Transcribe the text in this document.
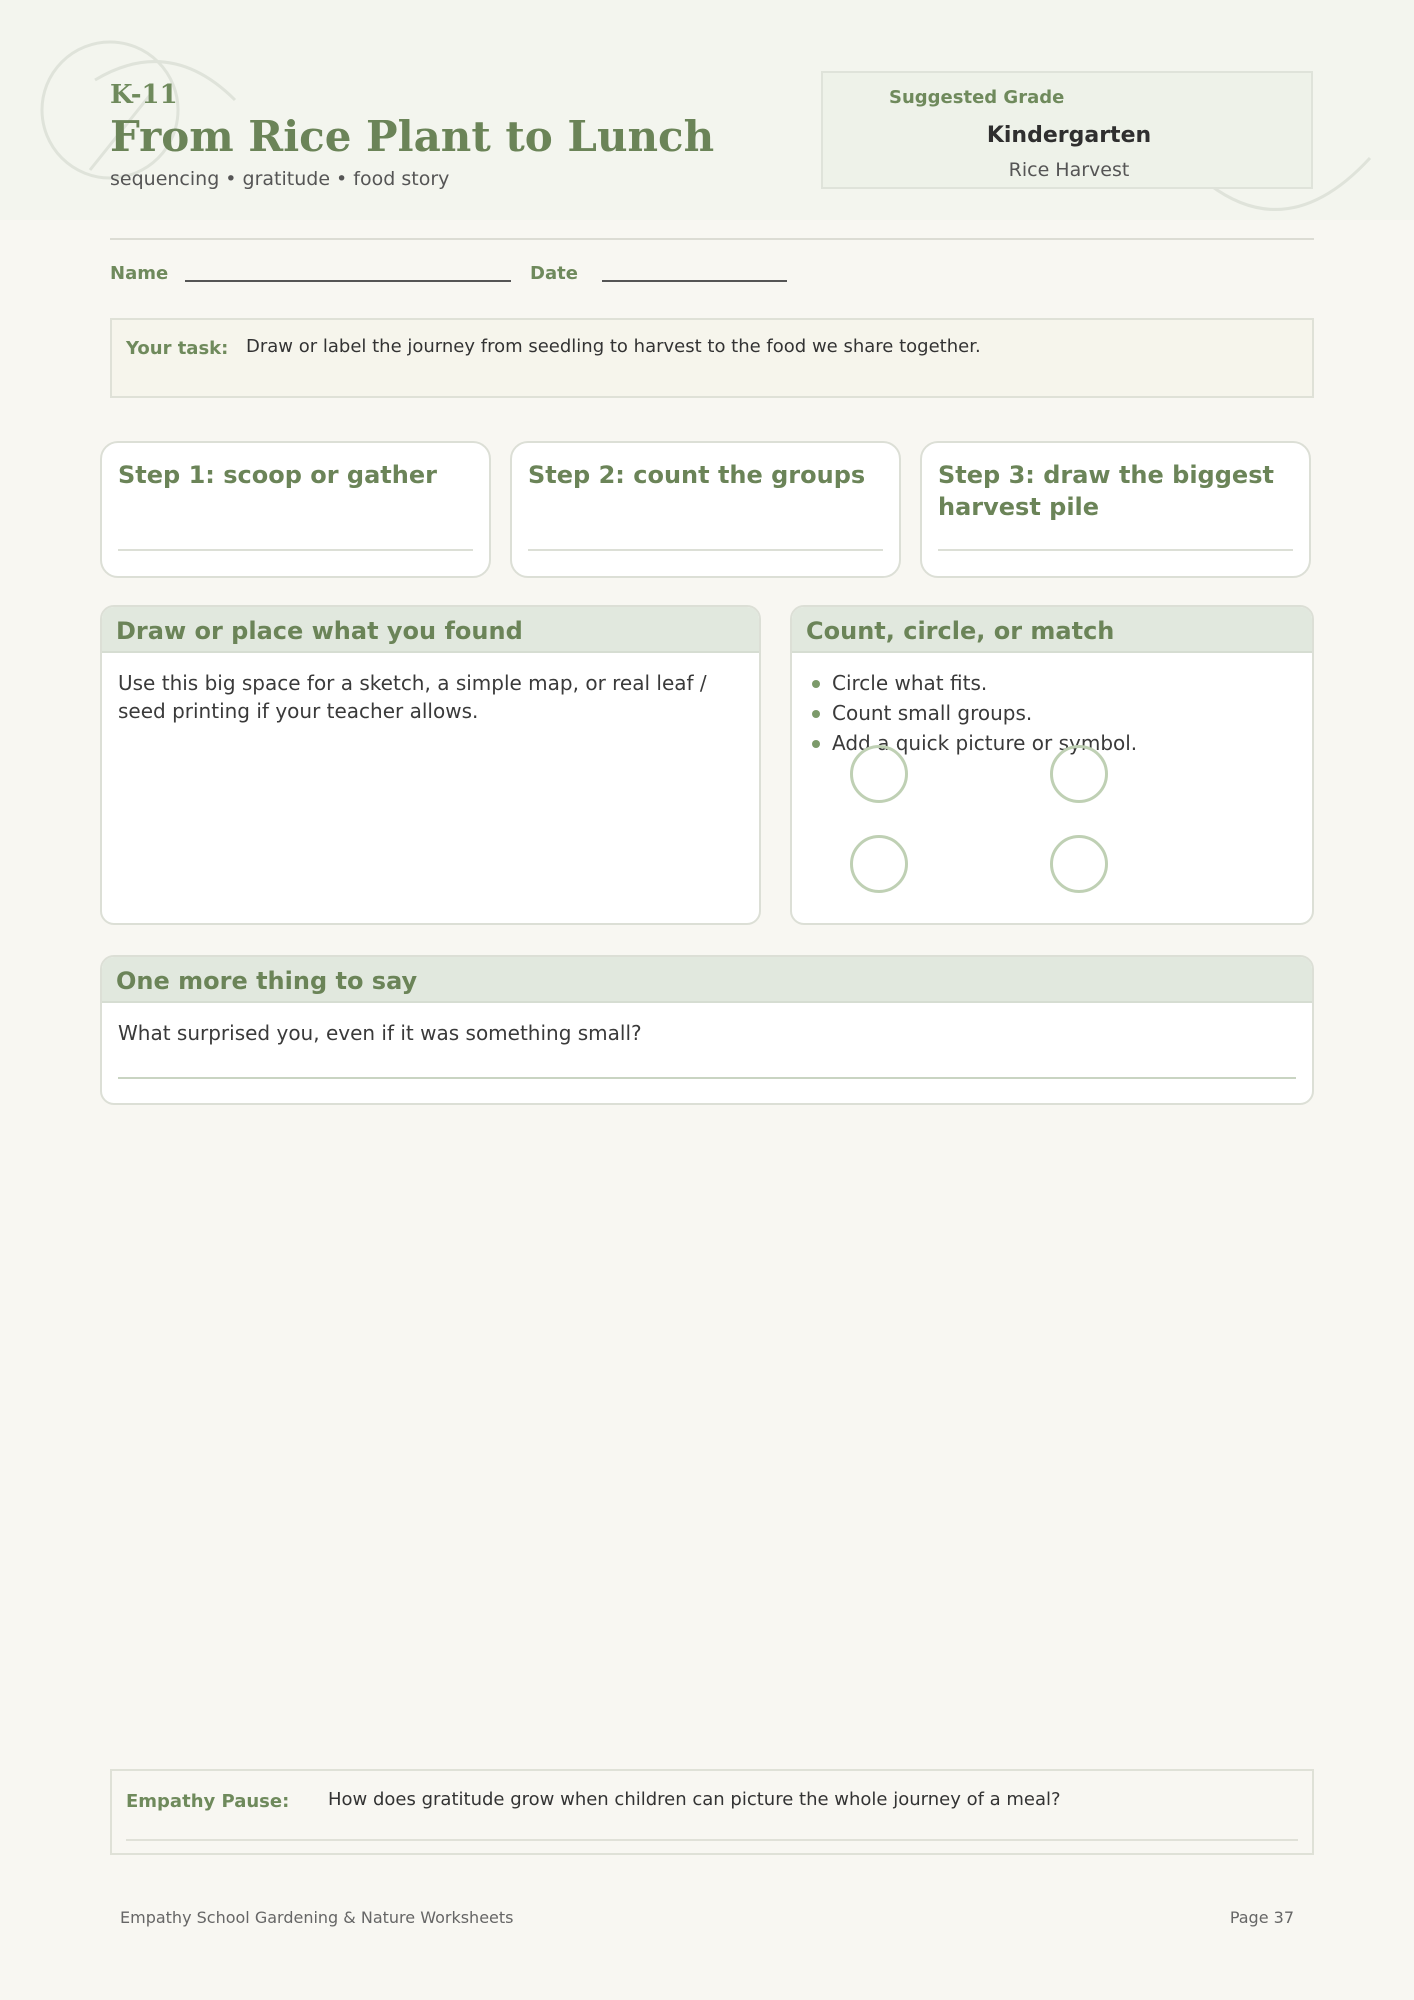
K-11
From Rice Plant to Lunch
sequencing • gratitude • food story
Suggested Grade
Kindergarten
Rice Harvest
Name	Date
Your task: Draw or label the journey from seedling to harvest to the food we share together.
Step 1: scoop or gather	Step 2: count the groups	Step 3: draw the biggest harvest pile
Draw or place what you found
Use this big space for a sketch, a simple map, or real leaf / seed printing if your teacher allows.
Count, circle, or match
Circle what fits.
Count small groups.
Add a quick picture or symbol.
One more thing to say
What surprised you, even if it was something small?
Empathy Pause: How does gratitude grow when children can picture the whole journey of a meal?
Empathy School Gardening & Nature Worksheets	Page 37
